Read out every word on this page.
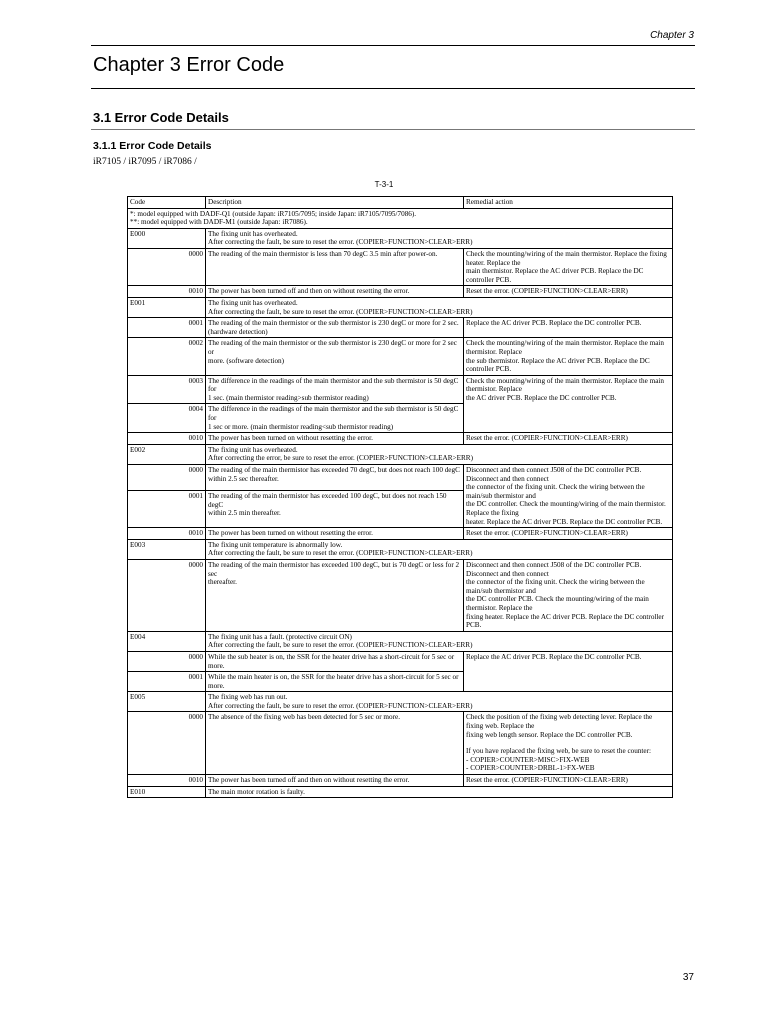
Chapter 3
Chapter 3 Error Code
3.1 Error Code Details
3.1.1 Error Code Details
iR7105 / iR7095 / iR7086 /
T-3-1
Code	Description	Remedial action

*: model equipped with DADF-Q1 (outside Japan: iR7105/7095; inside Japan: iR7105/7095/7086).
**: model equipped with DADF-M1 (outside Japan: iR7086).		

E000	The fixing unit has overheated.
After correcting the fault, be sure to reset the error. (COPIER>FUNCTION>CLEAR>ERR)	

0000	The reading of the main thermistor is less than 70 degC 3.5 min after power-on.	Check the mounting/wiring of the main thermistor. Replace the fixing heater. Replace the
main thermistor. Replace the AC driver PCB. Replace the DC controller PCB.

0010	The power has been turned off and then on without resetting the error.	Reset the error. (COPIER>FUNCTION>CLEAR>ERR)

E001	The fixing unit has overheated.
After correcting the fault, be sure to reset the error. (COPIER>FUNCTION>CLEAR>ERR)	

0001	The reading of the main thermistor or the sub thermistor is 230 degC or more for 2 sec.
(hardware detection)	Replace the AC driver PCB. Replace the DC controller PCB.

0002	The reading of the main thermistor or the sub thermistor is 230 degC or more for 2 sec or
more. (software detection)	Check the mounting/wiring of the main thermistor. Replace the main thermistor. Replace
the sub thermistor. Replace the AC driver PCB. Replace the DC controller PCB.

0003	The difference in the readings of the main thermistor and the sub thermistor is 50 degC for
1 sec. (main thermistor reading>sub thermistor reading)	Check the mounting/wiring of the main thermistor. Replace the main thermistor. Replace
the AC driver PCB. Replace the DC controller PCB.

0004	The difference in the readings of the main thermistor and the sub thermistor is 50 degC for
1 sec or more. (main thermistor reading<sub thermistor reading)	

0010	The power has been turned on without resetting the error.	Reset the error. (COPIER>FUNCTION>CLEAR>ERR)

E002	The fixing unit has overheated.
After correcting the error, be sure to reset the error. (COPIER>FUNCTION>CLEAR>ERR)	

0000	The reading of the main thermistor has exceeded 70 degC, but does not reach 100 degC
within 2.5 sec thereafter.	Disconnect and then connect J508 of the DC controller PCB. Disconnect and then connect
the connector of the fixing unit. Check the wiring between the main/sub thermistor and
the DC controller. Check the mounting/wiring of the main thermistor. Replace the fixing
heater. Replace the AC driver PCB. Replace the DC controller PCB.

0001	The reading of the main thermistor has exceeded 100 degC, but does not reach 150 degC
within 2.5 min thereafter.	

0010	The power has been turned on without resetting the error.	Reset the error. (COPIER>FUNCTION>CLEAR>ERR)

E003	The fixing unit temperature is abnormally low.
After correcting the fault, be sure to reset the error. (COPIER>FUNCTION>CLEAR>ERR)	

0000	The reading of the main thermistor has exceeded 100 degC, but is 70 degC or less for 2 sec
thereafter.	Disconnect and then connect J508 of the DC controller PCB. Disconnect and then connect
the connector of the fixing unit. Check the wiring between the main/sub thermistor and
the DC controller PCB. Check the mounting/wiring of the main thermistor. Replace the
fixing heater. Replace the AC driver PCB. Replace the DC controller PCB.

E004	The fixing unit has a fault. (protective circuit ON)
After correcting the fault, be sure to reset the error. (COPIER>FUNCTION>CLEAR>ERR)	

0000	While the sub heater is on, the SSR for the heater drive has a short-circuit for 5 sec or
more.	Replace the AC driver PCB. Replace the DC controller PCB.

0001	While the main heater is on, the SSR for the heater drive has a short-circuit for 5 sec or
more.	

E005	The fixing web has run out.
After correcting the fault, be sure to reset the error. (COPIER>FUNCTION>CLEAR>ERR)	

0000	The absence of the fixing web has been detected for 5 sec or more.	Check the position of the fixing web detecting lever. Replace the fixing web. Replace the
fixing web length sensor. Replace the DC controller PCB.
If you have replaced the fixing web, be sure to reset the counter:
- COPIER>COUNTER>MISC>FIX-WEB
- COPIER>COUNTER>DRBL-1>FX-WEB

0010	The power has been turned off and then on without resetting the error.	Reset the error. (COPIER>FUNCTION>CLEAR>ERR)

E010	The main motor rotation is faulty.	
37
